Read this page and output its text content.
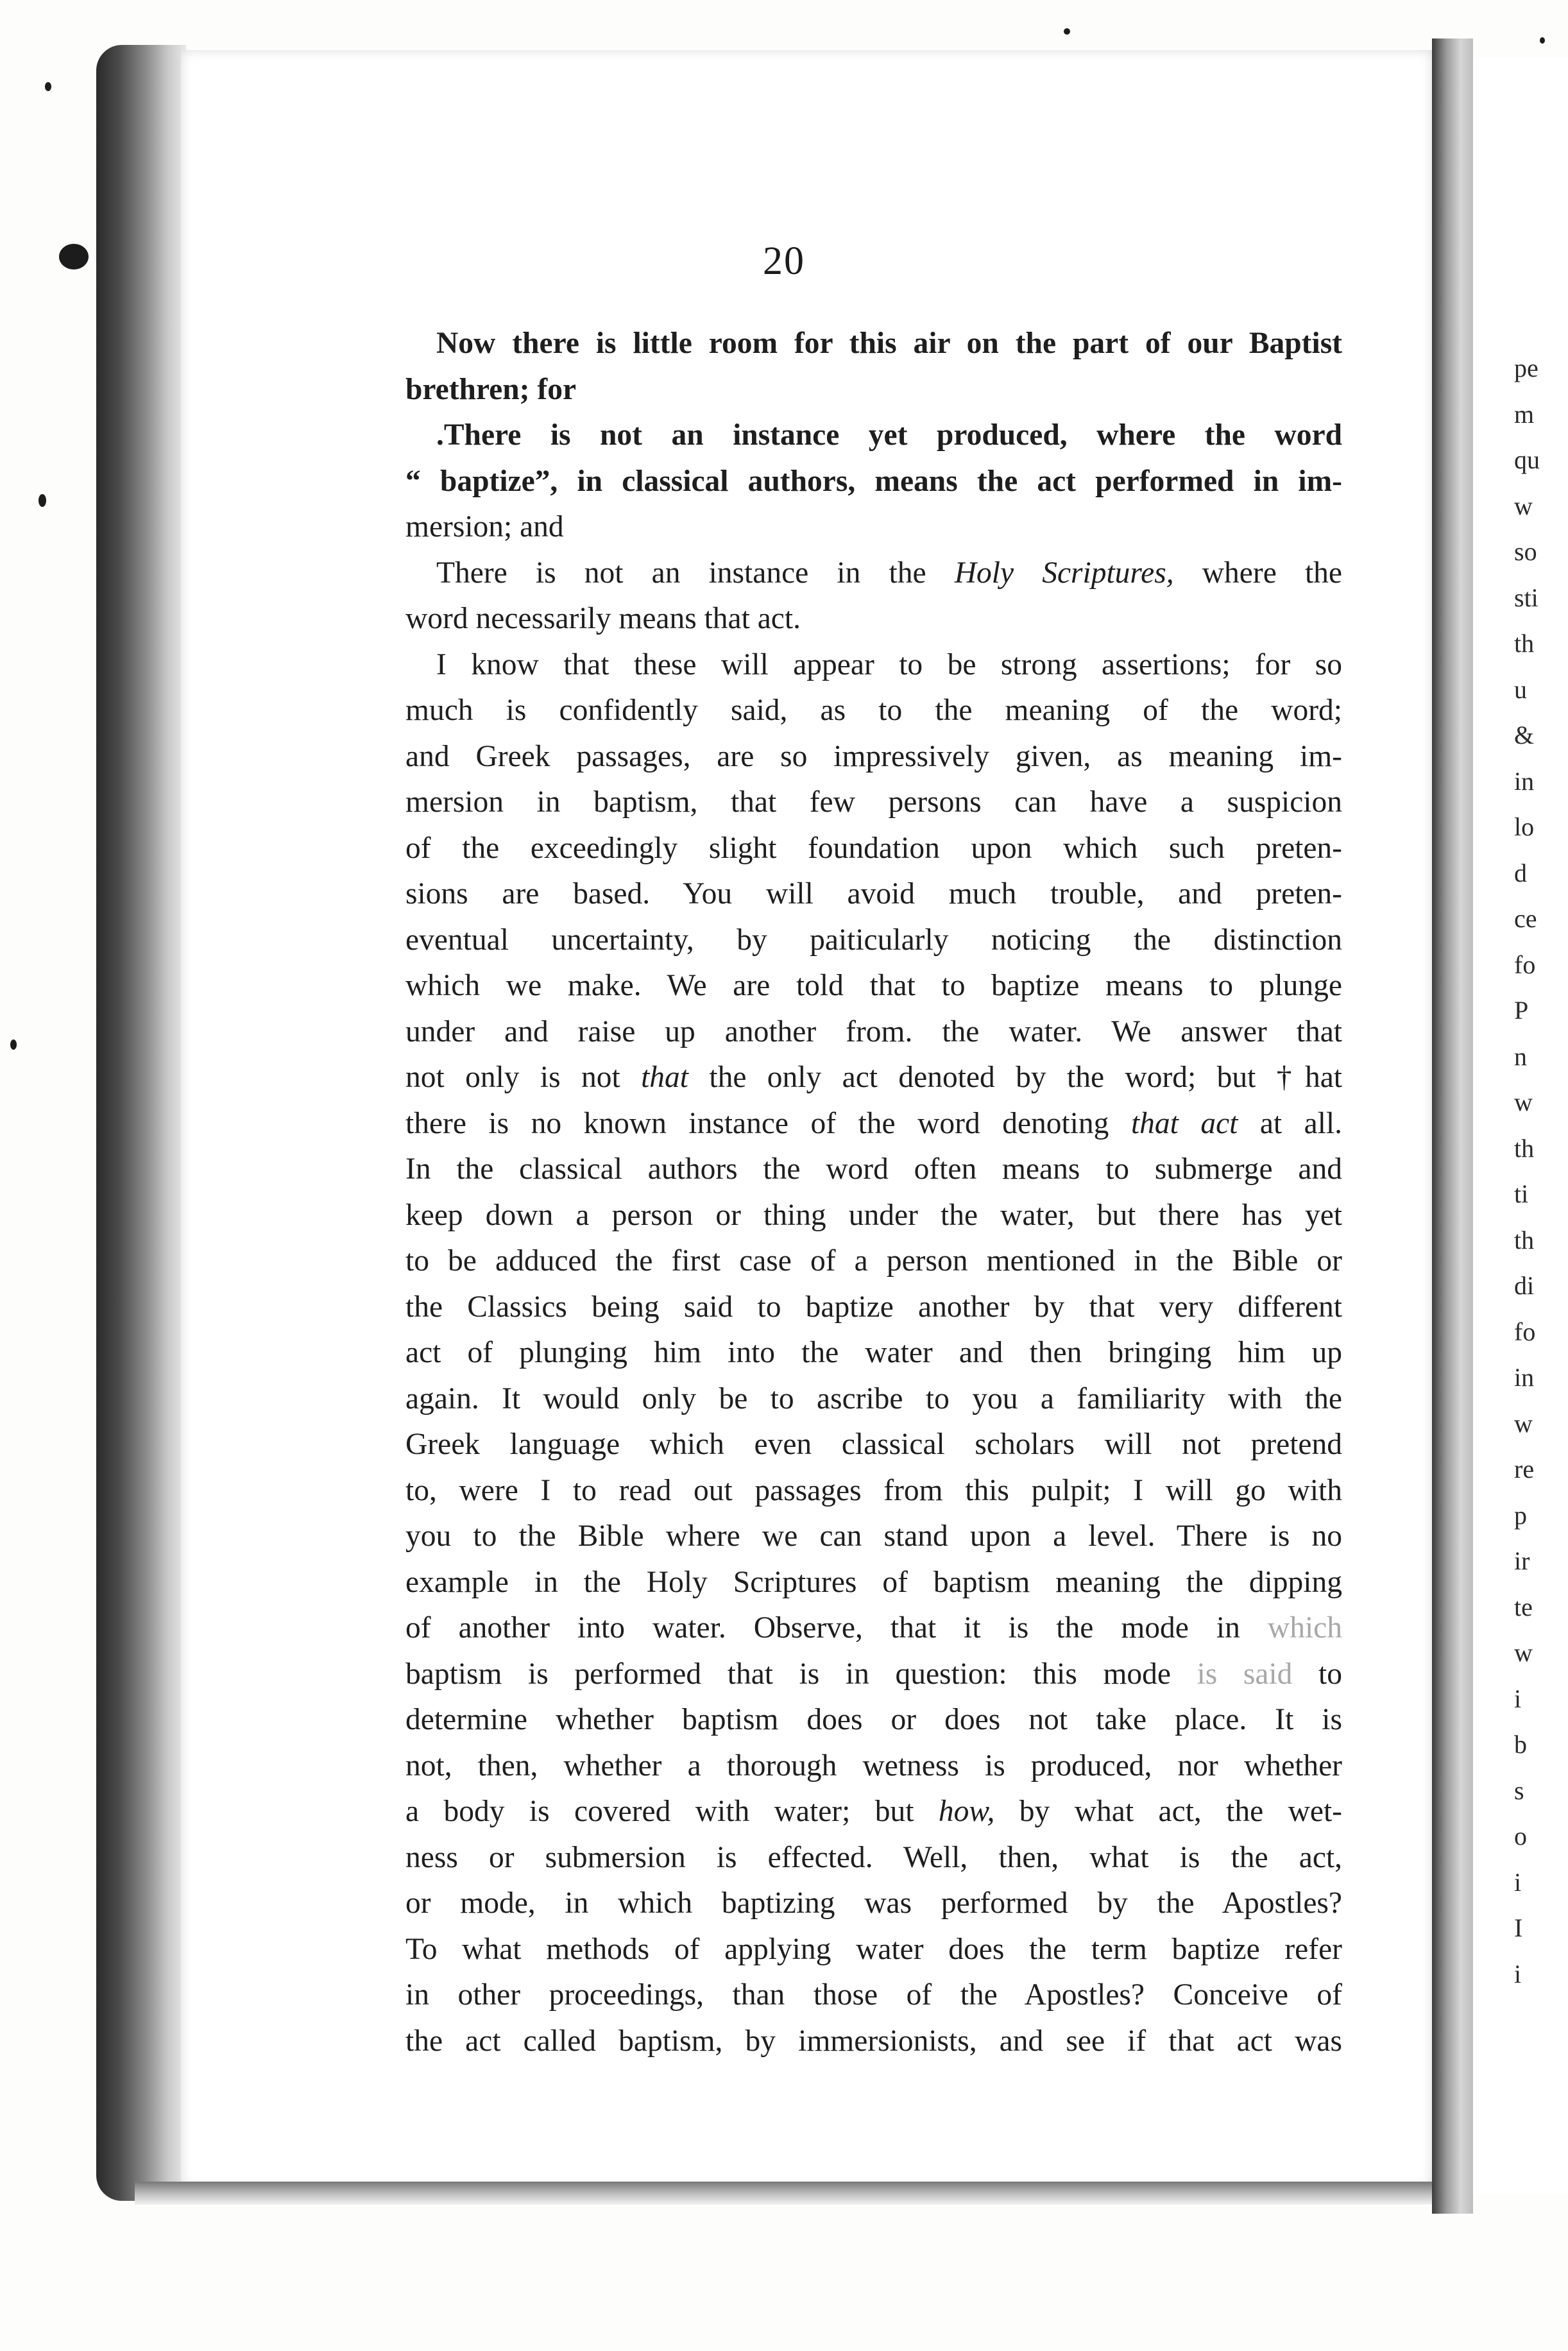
pe
m
qu
w
so
sti
th
u
&
in
lo
d
ce
fo
P
n
w
th
ti
th
di
fo
in
w
re
p
ir
te
w
i
b
s
o
i
I
i
20
Now there is little room for this air on the part of our Baptist
brethren; for
.There is not an instance yet produced, where the word
“ baptize”, in classical authors, means the act performed in im-
mersion; and
There is not an instance in the Holy Scriptures, where the
word necessarily means that act.
I know that these will appear to be strong assertions; for so
much is confidently said, as to the meaning of the word;
and Greek passages, are so impressively given, as meaning im-
mersion in baptism, that few persons can have a suspicion
of the exceedingly slight foundation upon which such preten-
sions are based. You will avoid much trouble, and preten-
eventual uncertainty, by paiticularly noticing the distinction
which we make. We are told that to baptize means to plunge
under and raise up another from. the water. We answer that
not only is not that the only act denoted by the word; but †hat
there is no known instance of the word denoting that act at all.
In the classical authors the word often means to submerge and
keep down a person or thing under the water, but there has yet
to be adduced the first case of a person mentioned in the Bible or
the Classics being said to baptize another by that very different
act of plunging him into the water and then bringing him up
again. It would only be to ascribe to you a familiarity with the
Greek language which even classical scholars will not pretend
to, were I to read out passages from this pulpit; I will go with
you to the Bible where we can stand upon a level. There is no
example in the Holy Scriptures of baptism meaning the dipping
of another into water. Observe, that it is the mode in which
baptism is performed that is in question: this mode is said to
determine whether baptism does or does not take place. It is
not, then, whether a thorough wetness is produced, nor whether
a body is covered with water; but how, by what act, the wet-
ness or submersion is effected. Well, then, what is the act,
or mode, in which baptizing was performed by the Apostles?
To what methods of applying water does the term baptize refer
in other proceedings, than those of the Apostles? Conceive of
the act called baptism, by immersionists, and see if that act was
